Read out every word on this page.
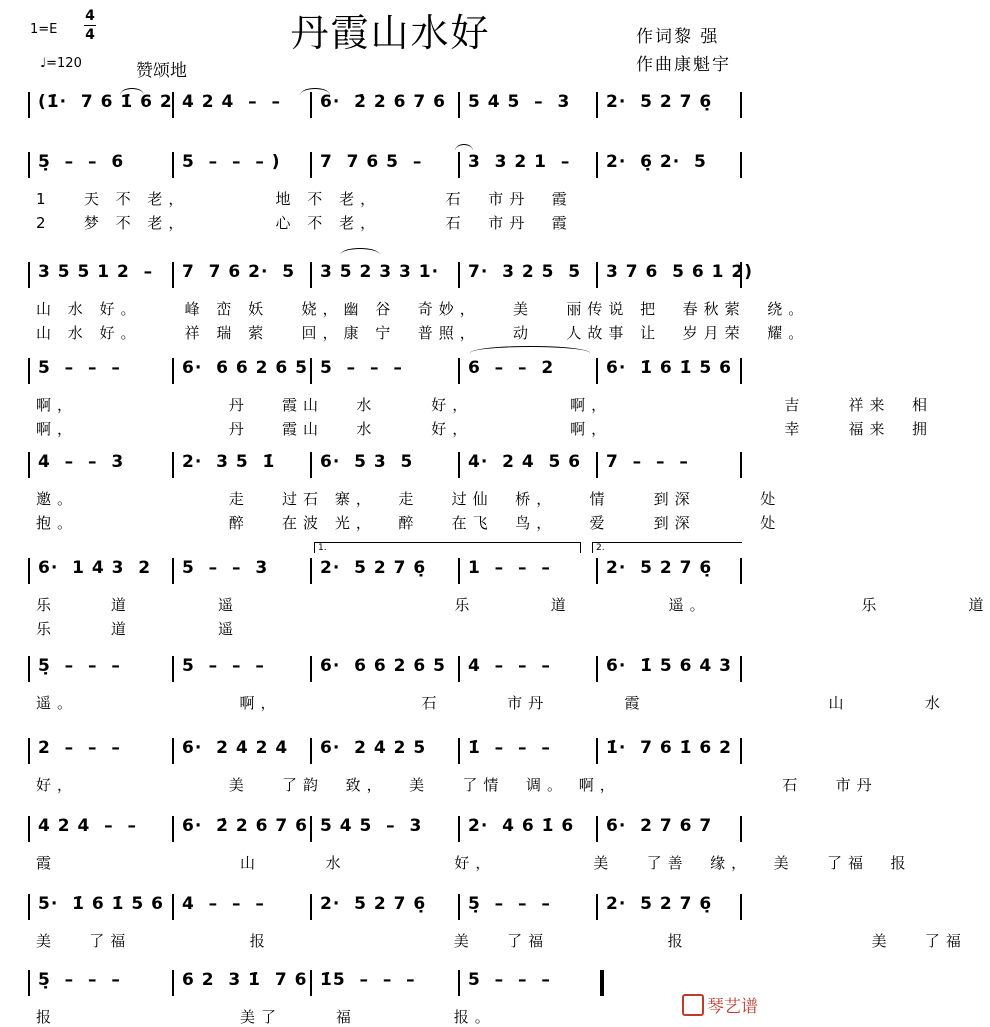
1=E
4
4
♩=120	赞颂地
丹霞山水好	作词黎 强
作曲康魁宇
(1̇·  7 6 1̇ 6 2 4 2 4  –  – 6·  2̇ 2 6 7 6 5 4 5  –  3 2·  5 2 7 6̣
5̣  –  –  6	5  –  –  – ) 7  7 6 5  –	3  3 2 1  – 2·  6̣ 2·  5
1   天 不 老，        地 不 老，      石  市丹  霞
2   梦 不 老，        心 不 老，      石  市丹  霞
3 5 5 1 2  – 7  7 6 2·  5 3 5 2 3 3 1· 7·  3 2 5  5 3 7 6  5 6 1 2)
山 水 好。    峰 峦 妖   娆，幽 谷  奇妙，   美   丽传说 把  春秋萦  绕。
山 水 好。    祥 瑞 萦   回，康 宁  普照，   动   人故事 让  岁月荣  耀。
5  –  –  –	6·  6 6 2 6 5 5  –  –  –	6  –  –  2	6·  1̇ 6 1̇ 5 6
啊，              丹   霞山   水     好，         啊，                吉    祥来  相
啊，              丹   霞山   水     好，         啊，                幸    福来  拥
4  –  –  3	2·  3 5  1̇	6·  5 3  5	4·  2 4  5 6 7  –  –  –
邀。              走   过石 寨，  走   过仙  桥，   情    到深      处
抱。              醉   在波 光，  醉   在飞  鸟，   爱    到深      处
6·  1 4 3  2 5  –  –  3	2·  5 2 7 6̣ 1  –  –  –	2·  5 2 7 6̣
1.	2.
乐     道        遥                    乐       道         遥。              乐        道
乐     道        遥
5̣  –  –  –	5  –  –  –	6·  6 6 2 6 5 4  –  –  –	6·  1̇ 5 6 4 3
遥。               啊，             石      市丹       霞                 山       水
2  –  –  –	6·  2 4 2 4 6·  2 4 2 5 1̇  –  –  –	1̇·  7 6 1̇ 6 2
好，              美   了韵  致，  美   了情  调。 啊，               石   市丹
4 2 4  –  –	6·  2̇ 2 6 7 6 5 4 5  –  3	2·  4 6 1̇ 6 6·  2 7 6 7
霞                 山      水          好，         美   了善  缘，  美   了福  报
5·  1̇ 6 1̇ 5 6 4  –  –  –	2·  5 2 7 6̣ 5̣  –  –  –	2·  5 2 7 6̣
美   了福           报                 美   了福           报                 美   了福
5̣  –  –  –	6 2  3 1̇  7 6 1̇5  –  –  –	5  –  –  –
报                 美了     福         报。	琴艺谱
